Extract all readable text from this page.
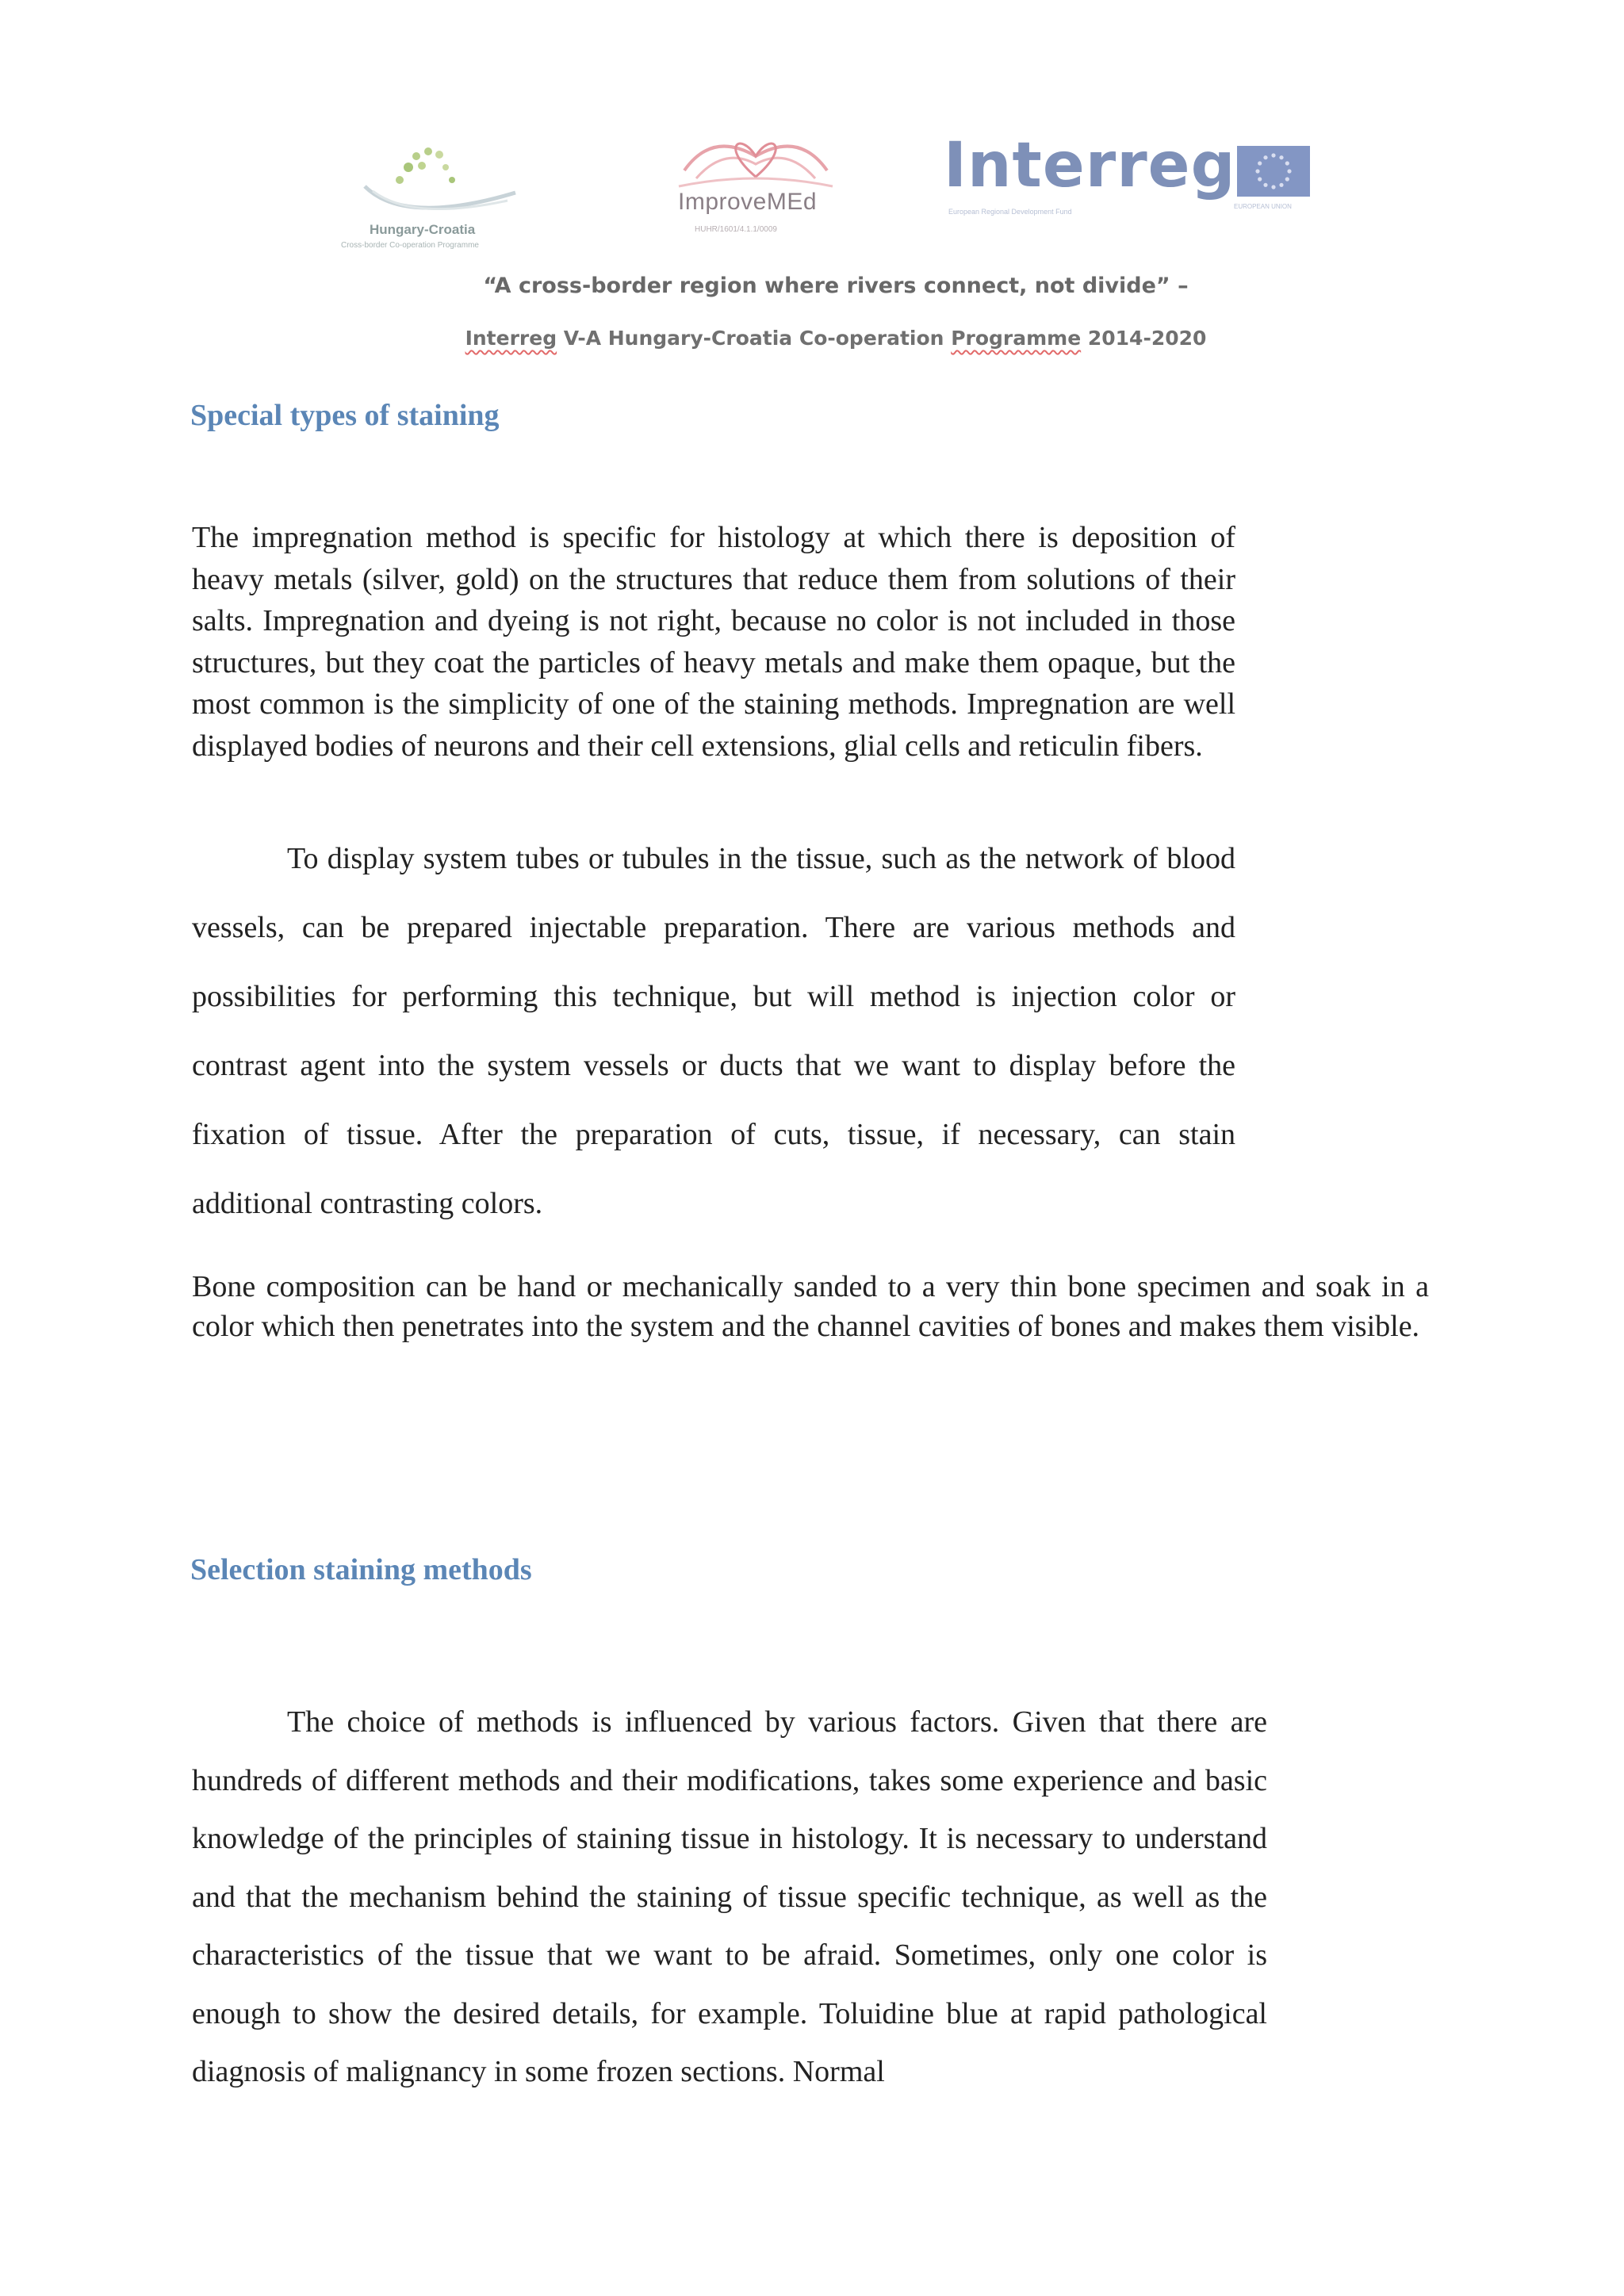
Hungary-Croatia
Cross-border Co-operation Programme
ImproveMEd
HUHR/1601/4.1.1/0009
Interreg
European Regional Development Fund
EUROPEAN UNION
“A cross-border region where rivers connect, not divide” –
Interreg V-A Hungary-Croatia Co-operation Programme 2014-2020
Special types of staining

The impregnation method is specific for histology at which there is deposition of heavy metals (silver, gold) on the structures that reduce them from solutions of their salts. Impregnation and dyeing is not right, because no color is not included in those structures, but they coat the particles of heavy metals and make them opaque, but the most common is the simplicity of one of the staining methods. Impregnation are well displayed bodies of neurons and their cell extensions, glial cells and reticulin fibers.

To display system tubes or tubules in the tissue, such as the network of blood vessels, can be prepared injectable preparation. There are various methods and possibilities for performing this technique, but will method is injection color or contrast agent into the system vessels or ducts that we want to display before the fixation of tissue. After the preparation of cuts, tissue, if necessary, can stain additional contrasting colors.

Bone composition can be hand or mechanically sanded to a very thin bone specimen and soak in a color which then penetrates into the system and the channel cavities of bones and makes them visible.

Selection staining methods

The choice of methods is influenced by various factors. Given that there are hundreds of different methods and their modifications, takes some experience and basic knowledge of the principles of staining tissue in histology. It is necessary to understand and that the mechanism behind the staining of tissue specific technique, as well as the characteristics of the tissue that we want to be afraid. Sometimes, only one color is enough to show the desired details, for example. Toluidine blue at rapid pathological diagnosis of malignancy in some frozen sections. Normal
